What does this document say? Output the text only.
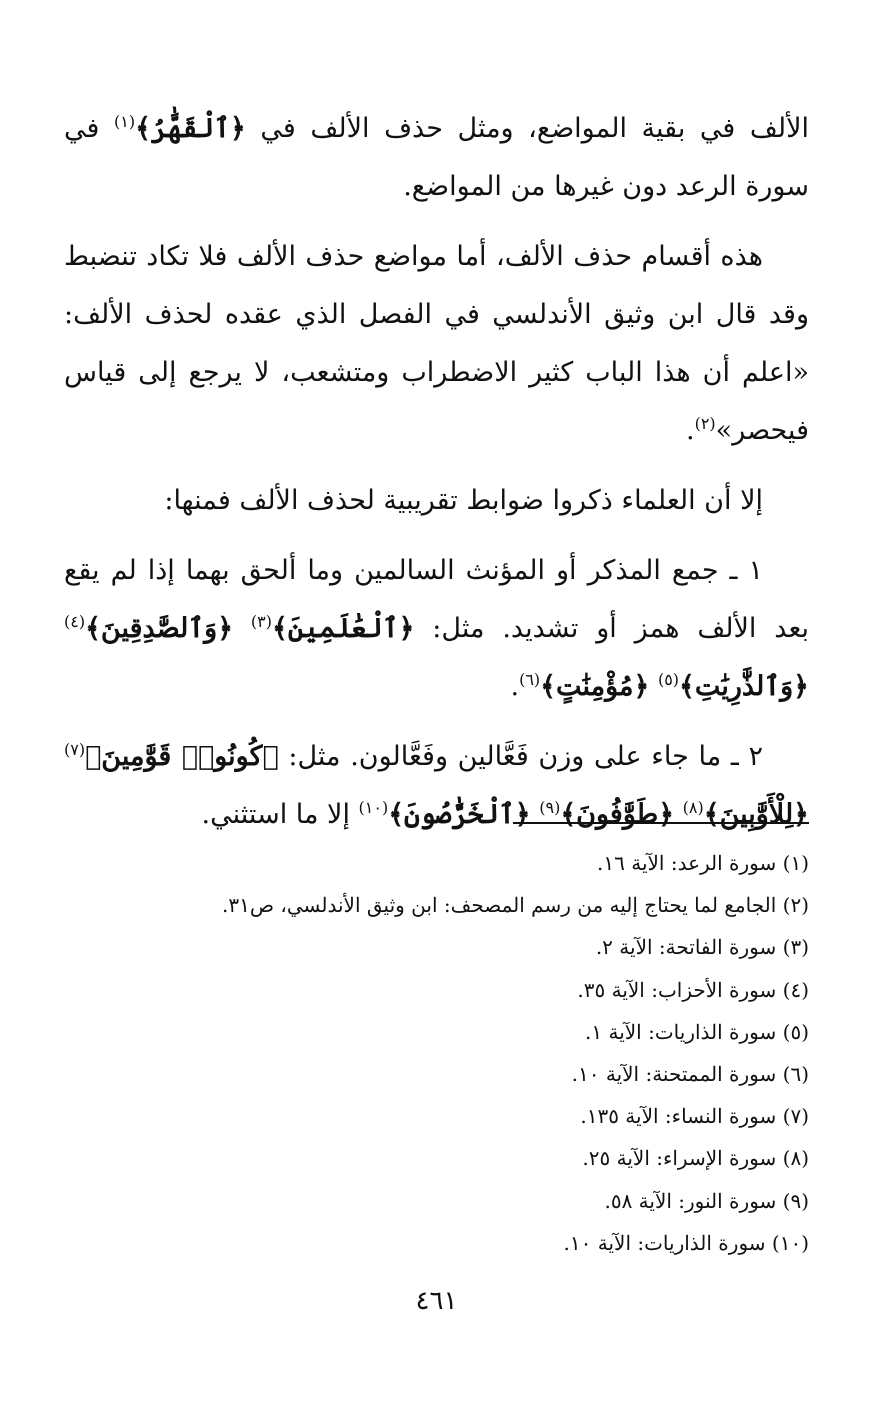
الألف في بقية المواضع، ومثل حذف الألف في ﴿ٱلْقَهَّٰرُ﴾$^{(١)}$ في سورة الرعد دون غيرها من المواضع.

هذه أقسام حذف الألف، أما مواضع حذف الألف فلا تكاد تنضبط وقد قال ابن وثيق الأندلسي في الفصل الذي عقده لحذف الألف: «اعلم أن هذا الباب كثير الاضطراب ومتشعب، لا يرجع إلى قياس فيحصر»$^{(٢)}$.

إلا أن العلماء ذكروا ضوابط تقريبية لحذف الألف فمنها:

١ ـ جمع المذكر أو المؤنث السالمين وما ألحق بهما إذا لم يقع بعد الألف همز أو تشديد. مثل: ﴿ٱلْعَٰلَمِينَ﴾$^{(٣)}$ ﴿وَٱلصَّٰدِقِينَ﴾$^{(٤)}$ ﴿وَٱلذَّٰرِيَٰتِ﴾$^{(٥)}$ ﴿مُؤْمِنَٰتٍ﴾$^{(٦)}$.

٢ ـ ما جاء على وزن فَعَّالين وفَعَّالون. مثل: ﴿كُونُوا۟ قَوَّٰمِينَ﴾$^{(٧)}$ ﴿لِلْأَوَّٰبِينَ﴾$^{(٨)}$ ﴿طَوَّٰفُونَ﴾$^{(٩)}$ ﴿ٱلْخَرَّٰصُونَ﴾$^{(١٠)}$ إلا ما استثني.

(١) سورة الرعد: الآية ١٦.
(٢) الجامع لما يحتاج إليه من رسم المصحف: ابن وثيق الأندلسي، ص٣١.
(٣) سورة الفاتحة: الآية ٢.
(٤) سورة الأحزاب: الآية ٣٥.
(٥) سورة الذاريات: الآية ١.
(٦) سورة الممتحنة: الآية ١٠.
(٧) سورة النساء: الآية ١٣٥.
(٨) سورة الإسراء: الآية ٢٥.
(٩) سورة النور: الآية ٥٨.
(١٠) سورة الذاريات: الآية ١٠.
٤٦١
